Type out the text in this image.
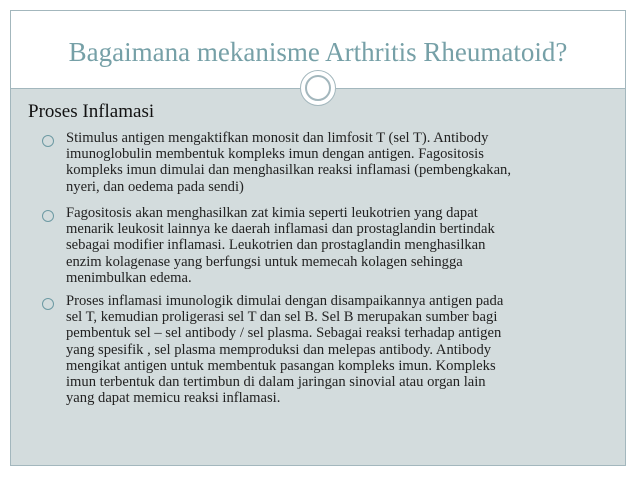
Bagaimana mekanisme Arthritis Rheumatoid?
Proses Inflamasi
Stimulus antigen mengaktifkan monosit dan limfosit T (sel T). Antibody
imunoglobulin membentuk kompleks imun dengan antigen. Fagositosis
kompleks imun dimulai dan menghasilkan reaksi inflamasi (pembengkakan,
nyeri, dan oedema pada sendi)
Fagositosis akan menghasilkan zat kimia seperti leukotrien yang dapat
menarik leukosit lainnya ke daerah inflamasi dan prostaglandin bertindak
sebagai modifier inflamasi. Leukotrien dan prostaglandin menghasilkan
enzim kolagenase yang berfungsi untuk memecah kolagen sehingga
menimbulkan edema.
Proses inflamasi imunologik dimulai dengan disampaikannya antigen pada
sel T, kemudian proligerasi sel T dan sel B. Sel B merupakan sumber bagi
pembentuk sel – sel antibody / sel plasma. Sebagai reaksi terhadap antigen
yang spesifik , sel plasma memproduksi dan melepas antibody. Antibody
mengikat antigen untuk membentuk pasangan kompleks imun. Kompleks
imun terbentuk dan tertimbun di dalam jaringan sinovial atau organ lain
yang dapat memicu reaksi inflamasi.
